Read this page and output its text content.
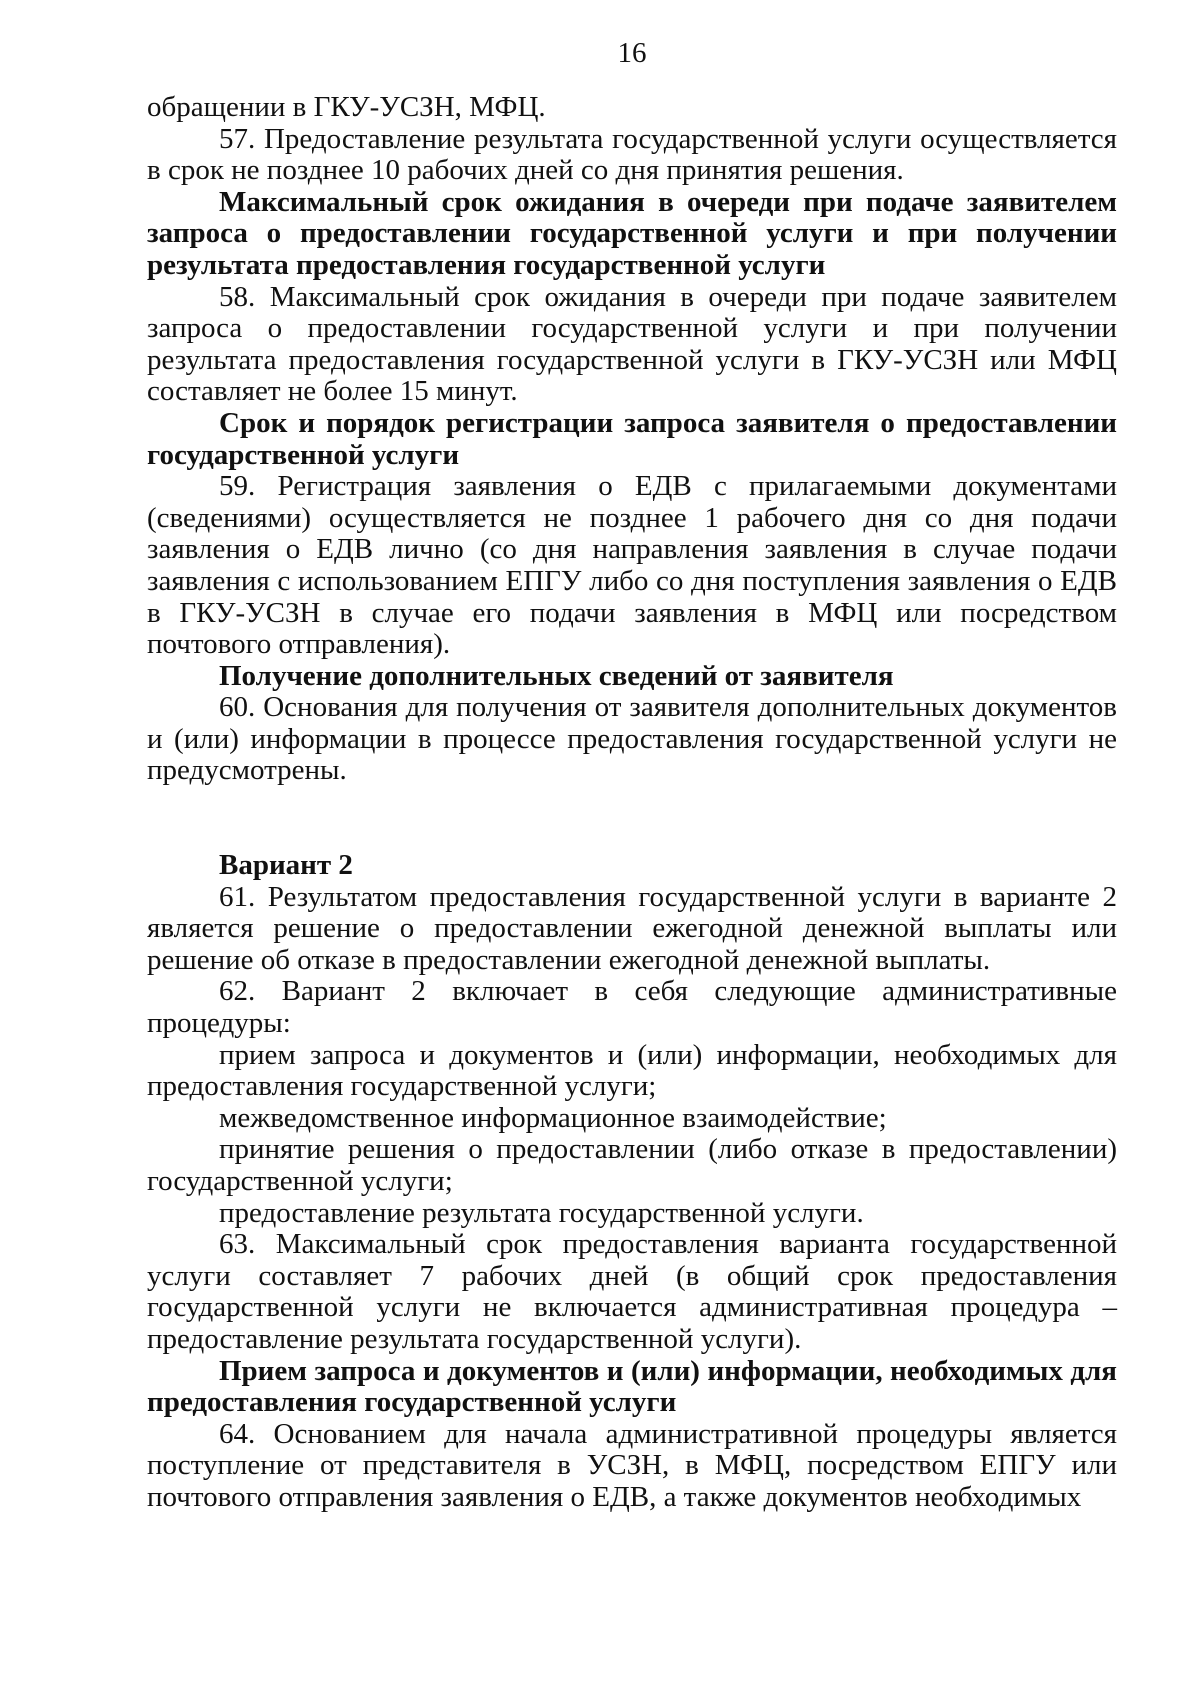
16

обращении в ГКУ-УСЗН, МФЦ.

57. Предоставление результата государственной услуги осуществляется в срок не позднее 10 рабочих дней со дня принятия решения.

Максимальный срок ожидания в очереди при подаче заявителем запроса о предоставлении государственной услуги и при получении результата предоставления государственной услуги

58. Максимальный срок ожидания в очереди при подаче заявителем запроса о предоставлении государственной услуги и при получении результата предоставления государственной услуги в ГКУ-УСЗН или МФЦ составляет не более 15 минут.

Срок и порядок регистрации запроса заявителя о предоставлении государственной услуги

59. Регистрация заявления о ЕДВ с прилагаемыми документами (сведениями) осуществляется не позднее 1 рабочего дня со дня подачи заявления о ЕДВ лично (со дня направления заявления в случае подачи заявления с использованием ЕПГУ либо со дня поступления заявления о ЕДВ в ГКУ-УСЗН в случае его подачи заявления в МФЦ или посредством почтового отправления).

Получение дополнительных сведений от заявителя

60. Основания для получения от заявителя дополнительных документов и (или) информации в процессе предоставления государственной услуги не предусмотрены.

Вариант 2

61. Результатом предоставления государственной услуги в варианте 2 является решение о предоставлении ежегодной денежной выплаты или решение об отказе в предоставлении ежегодной денежной выплаты.

62. Вариант 2 включает в себя следующие административные процедуры:

прием запроса и документов и (или) информации, необходимых для предоставления государственной услуги;

межведомственное информационное взаимодействие;

принятие решения о предоставлении (либо отказе в предоставлении) государственной услуги;

предоставление результата государственной услуги.

63. Максимальный срок предоставления варианта государственной услуги составляет 7 рабочих дней (в общий срок предоставления государственной услуги не включается административная процедура – предоставление результата государственной услуги).

Прием запроса и документов и (или) информации, необходимых для предоставления государственной услуги

64. Основанием для начала административной процедуры является поступление от представителя в УСЗН, в МФЦ, посредством ЕПГУ или почтового отправления заявления о ЕДВ, а также документов необходимых
